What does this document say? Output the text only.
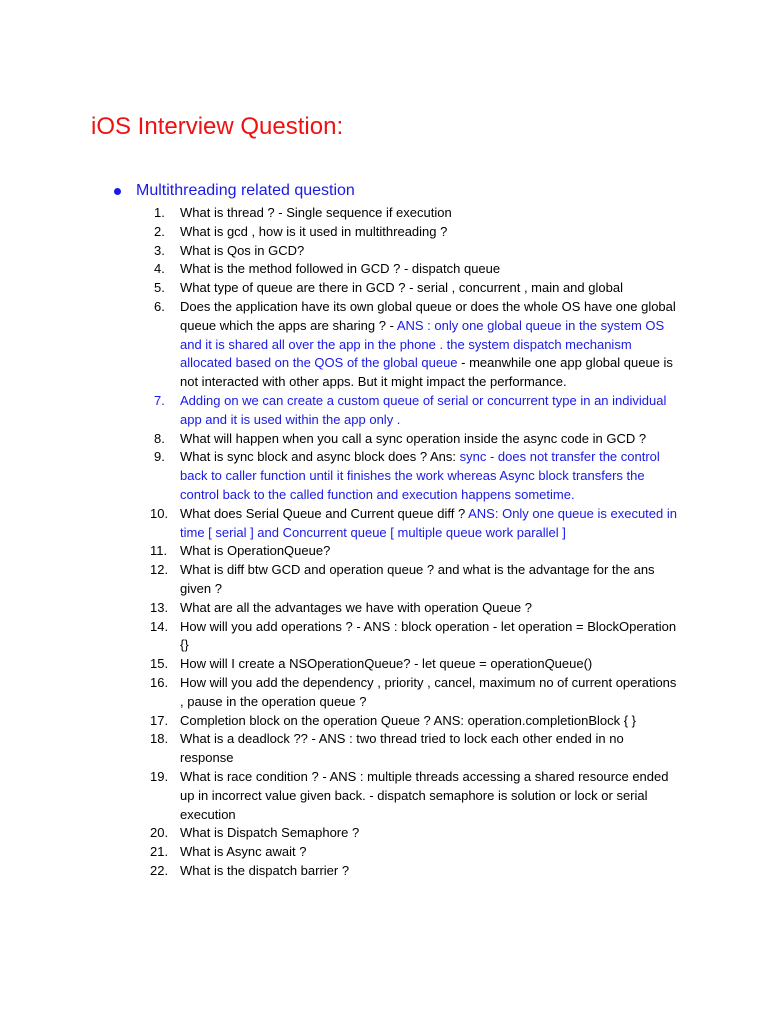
iOS Interview Question:
Multithreading related question
1.	What is thread ? - Single sequence if execution
2.	What is gcd , how is it used in multithreading ?
3.	What is Qos in GCD?
4.	What is the method followed in GCD ? - dispatch queue
5.	What type of queue are there in GCD ? - serial , concurrent , main and global
6.	Does the application have its own global queue or does the whole OS have one global queue which the apps are sharing ? - ANS : only one global queue in the system OS and it is shared all over the app in the phone . the system dispatch mechanism allocated based on the QOS of the global queue - meanwhile one app global queue is not interacted with other apps. But it might impact the performance.
7.	Adding on we can create a custom queue of serial or concurrent type in an individual app and it is used within the app only .
8.	What will happen when you call a sync operation inside the async code in GCD ?
9.	What is sync block and async block does ? Ans: sync - does not transfer the control back to caller function until it finishes the work whereas Async block transfers the control back to the called function and execution happens sometime.
10. What does Serial Queue and Current queue diff ? ANS: Only one queue is executed in time [ serial ] and Concurrent queue [ multiple queue work parallel ]
11. What is OperationQueue?
12. What is diff btw GCD and operation queue ? and what is the advantage for the ans given ?
13. What are all the advantages we have with operation Queue ?
14. How will you add operations ? - ANS : block operation - let operation = BlockOperation {}
15. How will I create a NSOperationQueue? - let queue = operationQueue()
16. How will you add the dependency , priority , cancel, maximum no of current operations , pause in the operation queue ?
17. Completion block on the operation Queue ? ANS: operation.completionBlock { }
18. What is a deadlock ?? - ANS : two thread tried to lock each other ended in no response
19. What is race condition ? - ANS : multiple threads accessing a shared resource ended up in incorrect value given back. - dispatch semaphore is solution or lock or serial execution
20. What is Dispatch Semaphore ?
21. What is Async await ?
22. What is the dispatch barrier ?
